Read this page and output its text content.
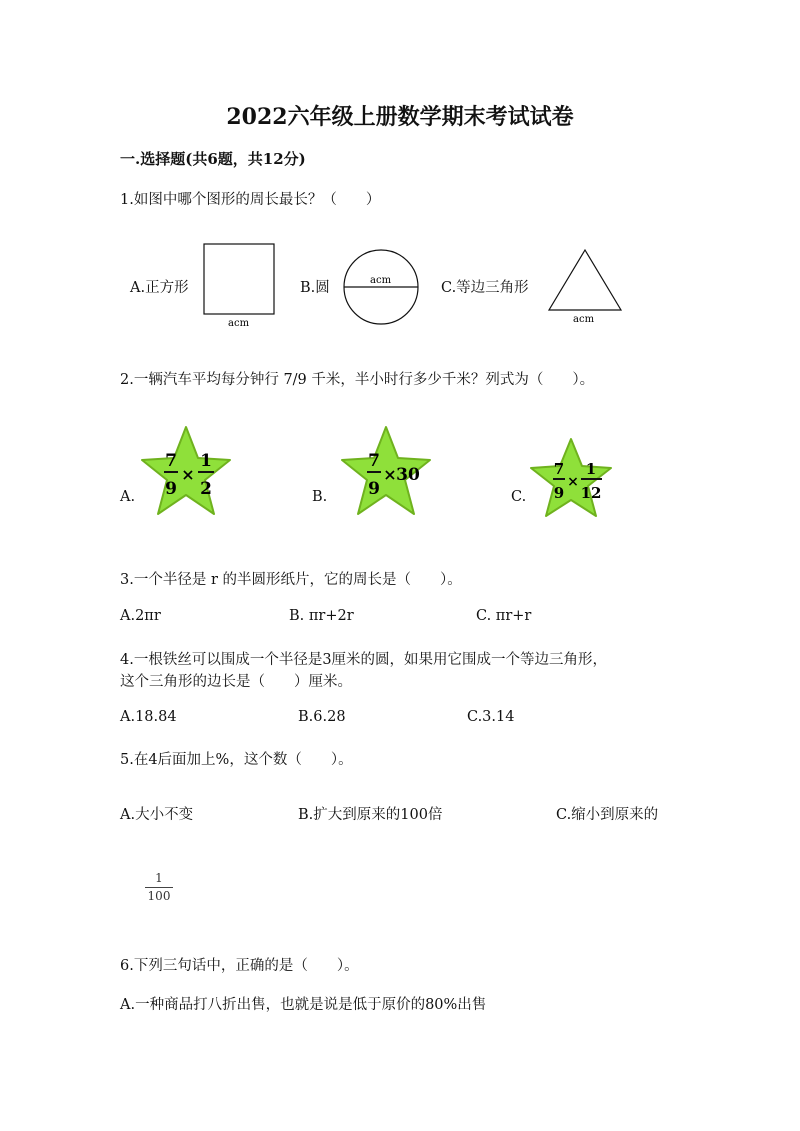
2022六年级上册数学期末考试试卷
一.选择题(共6题，共12分)
1.如图中哪个图形的周长最长？（　　）
A.正方形
acm
B.圆	acm	C.等边三角形
acm
2.一辆汽车平均每分钟行 7/9 千米，半小时行多少千米？列式为（　　）。
A.
7
9
×
1
2	B.
7
9
× 30
C.
7
9
×
1
12
3.一个半径是 r 的半圆形纸片，它的周长是（　　）。
A.2πr	B. πr+2r	C. πr+r
4.一根铁丝可以围成一个半径是3厘米的圆，如果用它围成一个等边三角形，
这个三角形的边长是（　　）厘米。
A.18.84	B.6.28	C.3.14
5.在4后面加上%，这个数（　　）。
A.大小不变	B.扩大到原来的100倍	C.缩小到原来的
1
100
6.下列三句话中，正确的是（　　）。
A.一种商品打八折出售，也就是说是低于原价的80%出售
